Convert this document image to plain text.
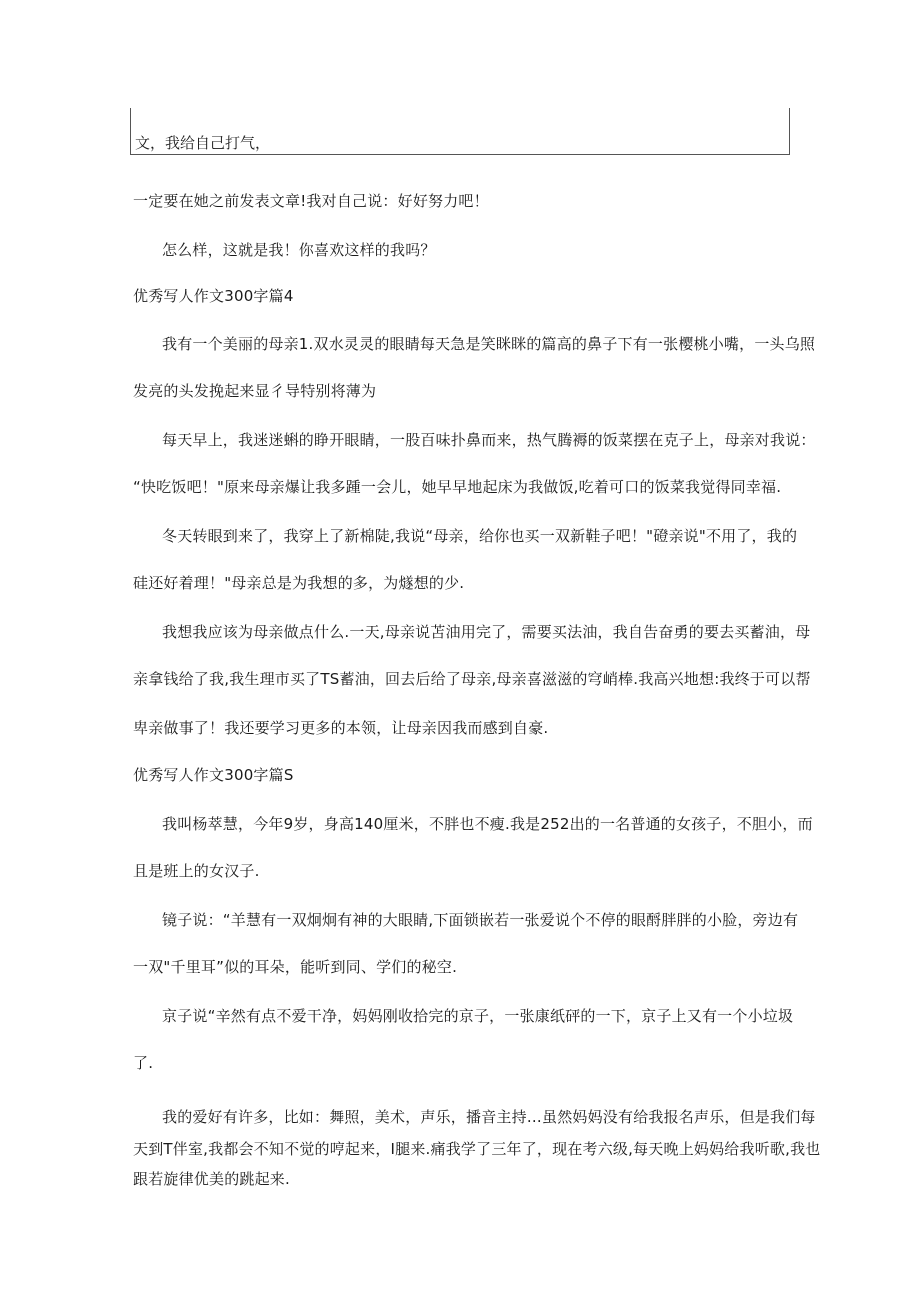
文，我给自己打气，
一定要在她之前发表文章!我对自己说：好好努力吧！
怎么样，这就是我！你喜欢这样的我吗？
优秀写人作文300字篇4
我有一个美丽的母亲1.双水灵灵的眼睛每天急是笑眯眯的篇高的鼻子下有一张樱桃小嘴，一头乌照
发亮的头发挽起来显彳导特别将薄为
每天早上，我迷迷蝌的睁开眼睛，一股百味扑鼻而来，热气腾褥的饭菜摆在克子上，母亲对我说：
“快吃饭吧！"原来母亲爆让我多踵一会儿，她早早地起床为我做饭,吃着可口的饭菜我觉得同幸福.
冬天转眼到来了，我穿上了新棉陡,我说“母亲，给你也买一双新鞋子吧！"磴亲说"不用了，我的
硅还好着理！"母亲总是为我想的多，为燧想的少.
我想我应该为母亲做点什么.一天,母亲说苫油用完了，需要买法油，我自告奋勇的要去买蓄油，母
亲拿钱给了我,我生理市买了TS蓄油，回去后给了母亲,母亲喜滋滋的穹峭棒.我高兴地想:我终于可以帮
卑亲做事了！我还要学习更多的本领，让母亲因我而感到自豪.
优秀写人作文300字篇S
我叫杨萃慧，今年9岁，身高140厘米，不胖也不瘦.我是252出的一名普通的女孩子，不胆小，而
且是班上的女汉子.
镜子说：“羊慧有一双炯炯有神的大眼睛,下面锁嵌若一张爱说个不停的眼酹胖胖的小脸，旁边有
一双"千里耳”似的耳朵，能听到同、学们的秘空.
京子说“辛然有点不爱干净，妈妈刚收拾完的京子，一张康纸砰的一下，京子上又有一个小垃圾
了.
我的爱好有许多，比如：舞照，美术，声乐，播音主持…虽然妈妈没有给我报名声乐，但是我们每
天到T伴室,我都会不知不觉的哼起来，I腿来.痛我学了三年了，现在考六级,每天晚上妈妈给我听歌,我也
跟若旋律优美的跳起来.
